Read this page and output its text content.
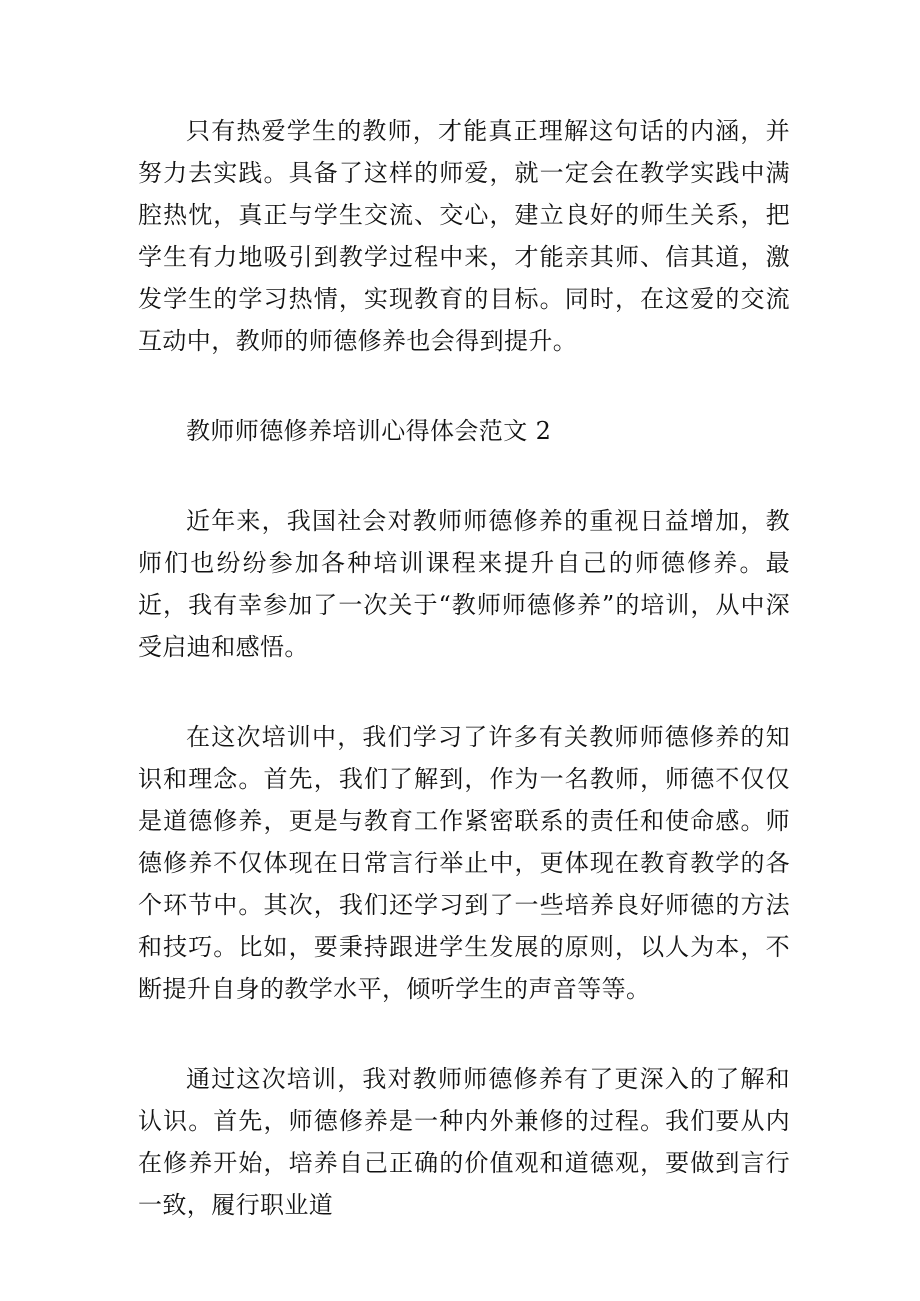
只有热爱学生的教师，才能真正理解这句话的内涵，并努力去实践。具备了这样的师爱，就一定会在教学实践中满腔热忱，真正与学生交流、交心，建立良好的师生关系，把学生有力地吸引到教学过程中来，才能亲其师、信其道，激发学生的学习热情，实现教育的目标。同时，在这爱的交流互动中，教师的师德修养也会得到提升。

教师师德修养培训心得体会范文 2

近年来，我国社会对教师师德修养的重视日益增加，教师们也纷纷参加各种培训课程来提升自己的师德修养。最近，我有幸参加了一次关于“教师师德修养”的培训，从中深受启迪和感悟。

在这次培训中，我们学习了许多有关教师师德修养的知识和理念。首先，我们了解到，作为一名教师，师德不仅仅是道德修养，更是与教育工作紧密联系的责任和使命感。师德修养不仅体现在日常言行举止中，更体现在教育教学的各个环节中。其次，我们还学习到了一些培养良好师德的方法和技巧。比如，要秉持跟进学生发展的原则，以人为本，不断提升自身的教学水平，倾听学生的声音等等。

通过这次培训，我对教师师德修养有了更深入的了解和认识。首先，师德修养是一种内外兼修的过程。我们要从内在修养开始，培养自己正确的价值观和道德观，要做到言行一致，履行职业道
